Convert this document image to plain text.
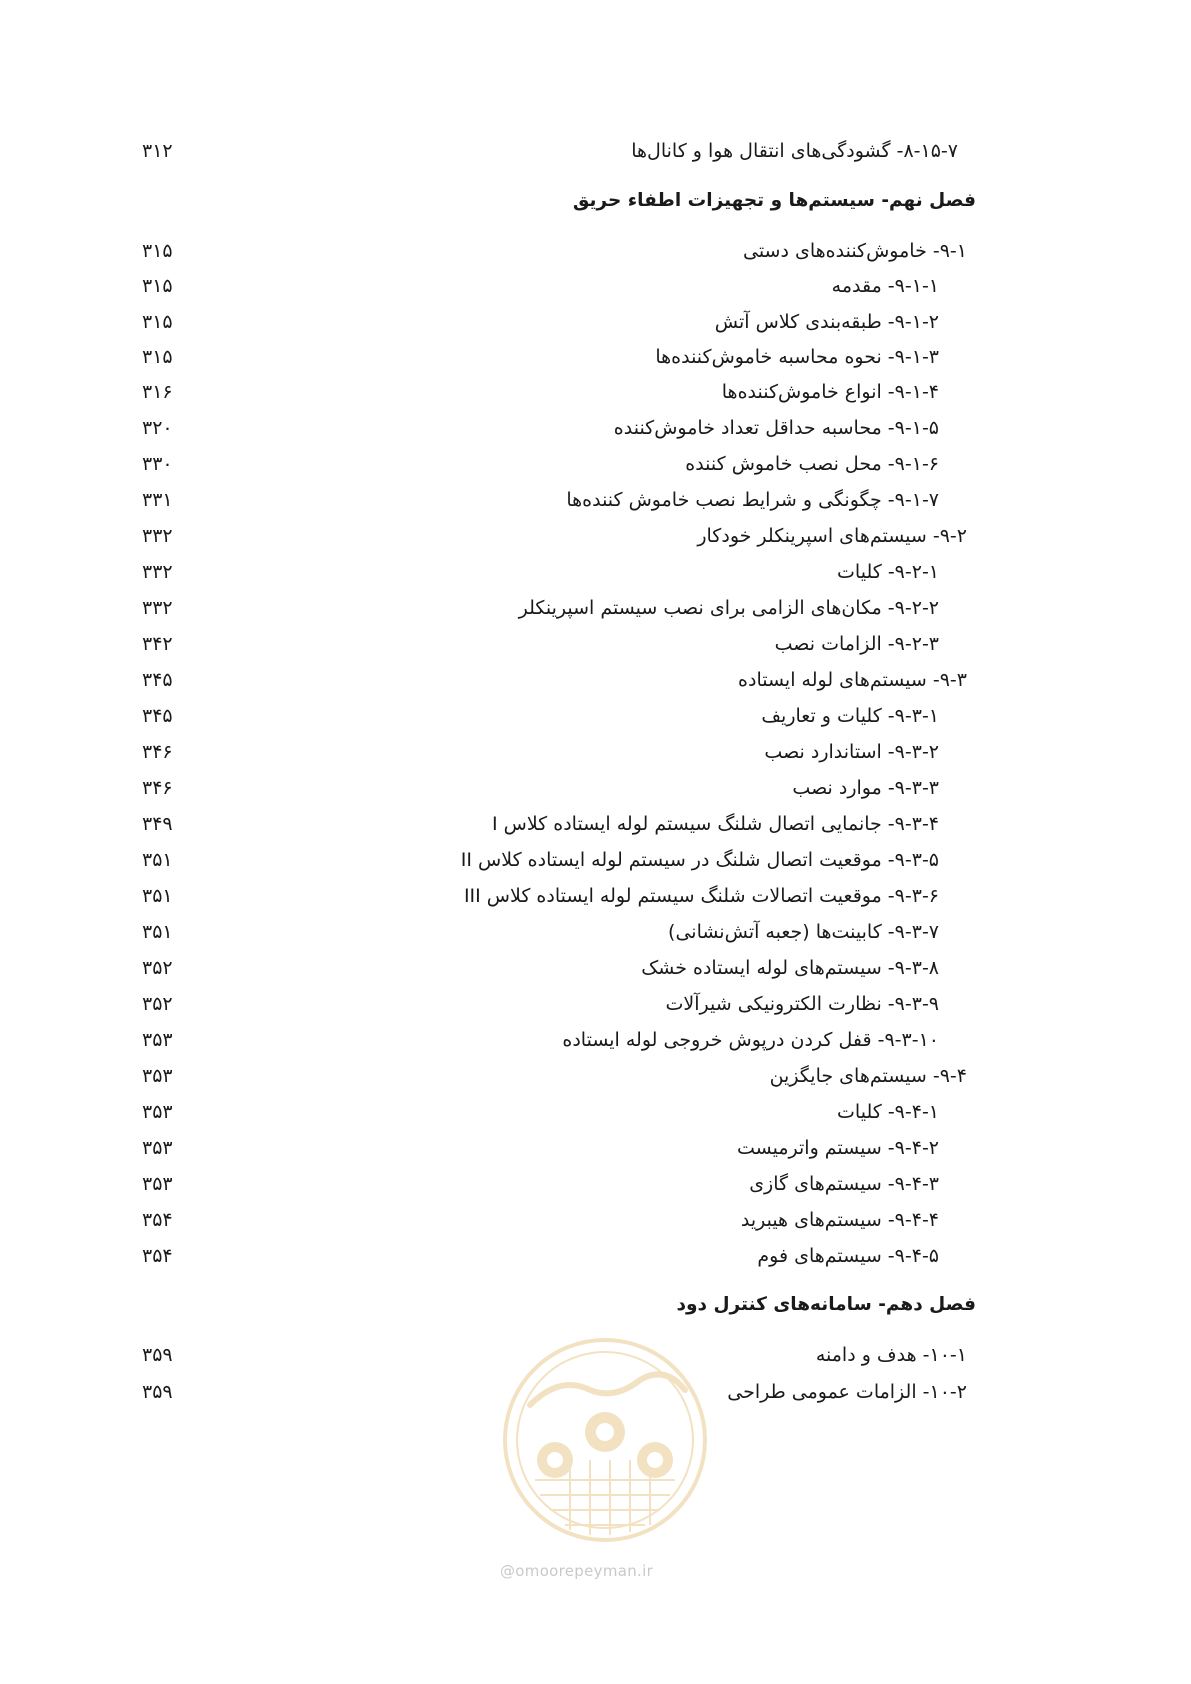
۸-۱۵-۷- گشودگی‌های انتقال هوا و کانال‌ها
۳۱۲
فصل نهم- سیستم‌ها و تجهیزات اطفاء حریق
۹-۱- خاموش‌کننده‌های دستی
۳۱۵
۹-۱-۱- مقدمه
۳۱۵
۹-۱-۲- طبقه‌بندی کلاس آتش
۳۱۵
۹-۱-۳- نحوه محاسبه خاموش‌کننده‌ها
۳۱۵
۹-۱-۴- انواع خاموش‌کننده‌ها
۳۱۶
۹-۱-۵- محاسبه حداقل تعداد خاموش‌کننده
۳۲۰
۹-۱-۶- محل نصب خاموش کننده
۳۳۰
۹-۱-۷- چگونگی و شرایط نصب خاموش کننده‌ها
۳۳۱
۹-۲- سیستم‌های اسپرینکلر خودکار
۳۳۲
۹-۲-۱- کلیات
۳۳۲
۹-۲-۲- مکان‌های الزامی برای نصب سیستم اسپرینکلر
۳۳۲
۹-۲-۳- الزامات نصب
۳۴۲
۹-۳- سیستم‌های لوله ایستاده
۳۴۵
۹-۳-۱- کلیات و تعاریف
۳۴۵
۹-۳-۲- استاندارد نصب
۳۴۶
۹-۳-۳- موارد نصب
۳۴۶
۹-۳-۴- جانمایی اتصال شلنگ سیستم لوله ایستاده کلاس I
۳۴۹
۹-۳-۵- موقعیت اتصال شلنگ در سیستم لوله ایستاده کلاس II
۳۵۱
۹-۳-۶- موقعیت اتصالات شلنگ سیستم لوله ایستاده کلاس III
۳۵۱
۹-۳-۷- کابینت‌ها (جعبه آتش‌نشانی)
۳۵۱
۹-۳-۸- سیستم‌های لوله ایستاده خشک
۳۵۲
۹-۳-۹- نظارت الکترونیکی شیرآلات
۳۵۲
۹-۳-۱۰- قفل کردن درپوش خروجی لوله ایستاده
۳۵۳
۹-۴- سیستم‌های جایگزین
۳۵۳
۹-۴-۱- کلیات
۳۵۳
۹-۴-۲- سیستم واترمیست
۳۵۳
۹-۴-۳- سیستم‌های گازی
۳۵۳
۹-۴-۴- سیستم‌های هیبرید
۳۵۴
۹-۴-۵- سیستم‌های فوم
۳۵۴
فصل دهم- سامانه‌های کنترل دود
۱۰-۱- هدف و دامنه
۳۵۹
۱۰-۲- الزامات عمومی طراحی
۳۵۹
@omoorepeyman.ir
